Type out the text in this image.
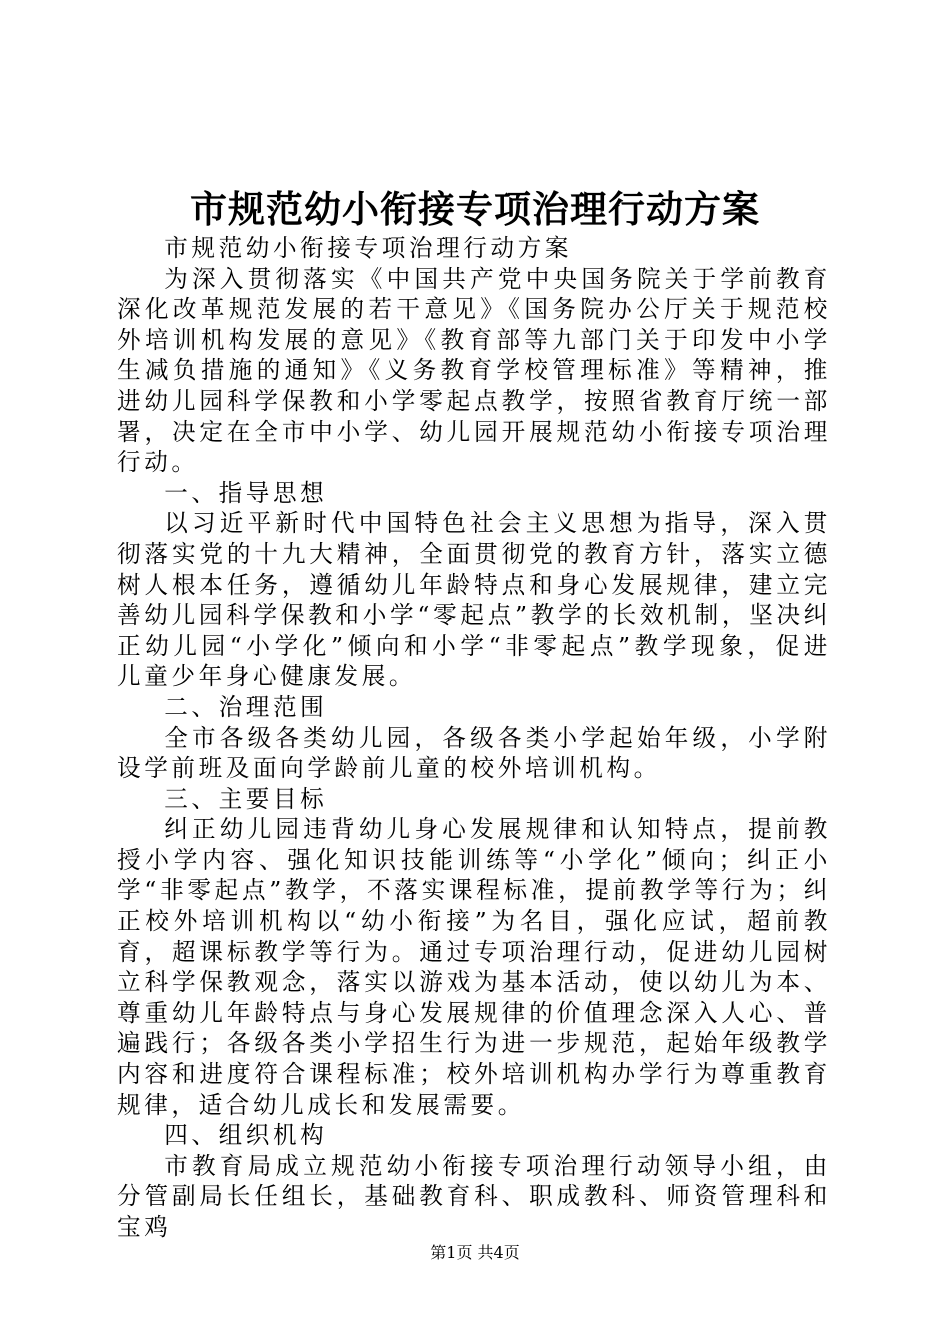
市规范幼小衔接专项治理行动方案

市规范幼小衔接专项治理行动方案

为深入贯彻落实《中国共产党中央国务院关于学前教育深化改革规范发展的若干意见》《国务院办公厅关于规范校外培训机构发展的意见》《教育部等九部门关于印发中小学生减负措施的通知》《义务教育学校管理标准》等精神，推进幼儿园科学保教和小学零起点教学，按照省教育厅统一部署，决定在全市中小学、幼儿园开展规范幼小衔接专项治理行动。

一、指导思想

以习近平新时代中国特色社会主义思想为指导，深入贯彻落实党的十九大精神，全面贯彻党的教育方针，落实立德树人根本任务，遵循幼儿年龄特点和身心发展规律，建立完善幼儿园科学保教和小学“零起点”教学的长效机制，坚决纠正幼儿园“小学化”倾向和小学“非零起点”教学现象，促进儿童少年身心健康发展。

二、治理范围

全市各级各类幼儿园，各级各类小学起始年级，小学附设学前班及面向学龄前儿童的校外培训机构。

三、主要目标

纠正幼儿园违背幼儿身心发展规律和认知特点，提前教授小学内容、强化知识技能训练等“小学化”倾向；纠正小学“非零起点”教学，不落实课程标准，提前教学等行为；纠正校外培训机构以“幼小衔接”为名目，强化应试，超前教育，超课标教学等行为。通过专项治理行动，促进幼儿园树立科学保教观念，落实以游戏为基本活动，使以幼儿为本、尊重幼儿年龄特点与身心发展规律的价值理念深入人心、普遍践行；各级各类小学招生行为进一步规范，起始年级教学内容和进度符合课程标准；校外培训机构办学行为尊重教育规律，适合幼儿成长和发展需要。

四、组织机构

市教育局成立规范幼小衔接专项治理行动领导小组，由分管副局长任组长，基础教育科、职成教科、师资管理科和宝鸡

第1页 共4页
